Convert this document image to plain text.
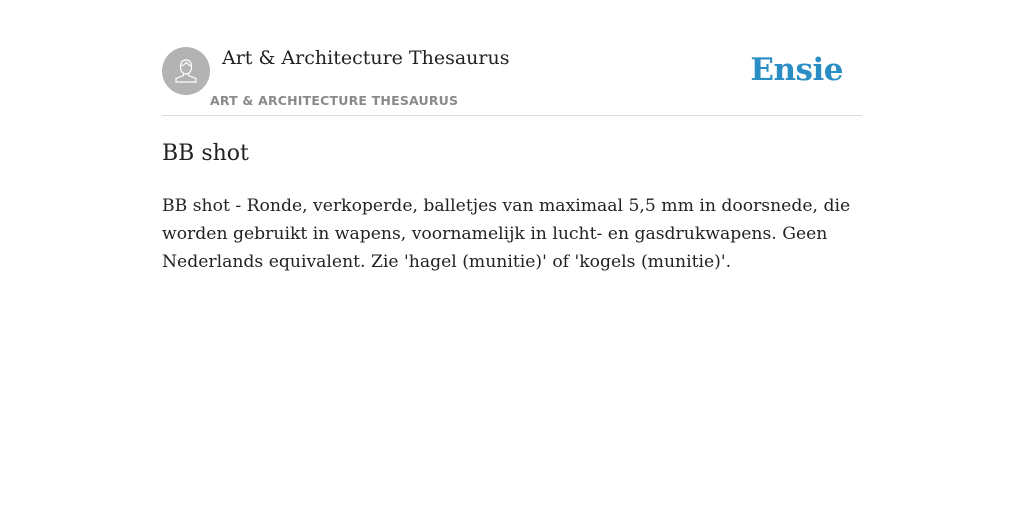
Art & Architecture Thesaurus
ART & ARCHITECTURE THESAURUS
Ensie
BB shot

BB shot - Ronde, verkoperde, balletjes van maximaal 5,5 mm in doorsnede, die worden gebruikt in wapens, voornamelijk in lucht- en gasdrukwapens. Geen Nederlands equivalent. Zie 'hagel (munitie)' of 'kogels (munitie)'.
